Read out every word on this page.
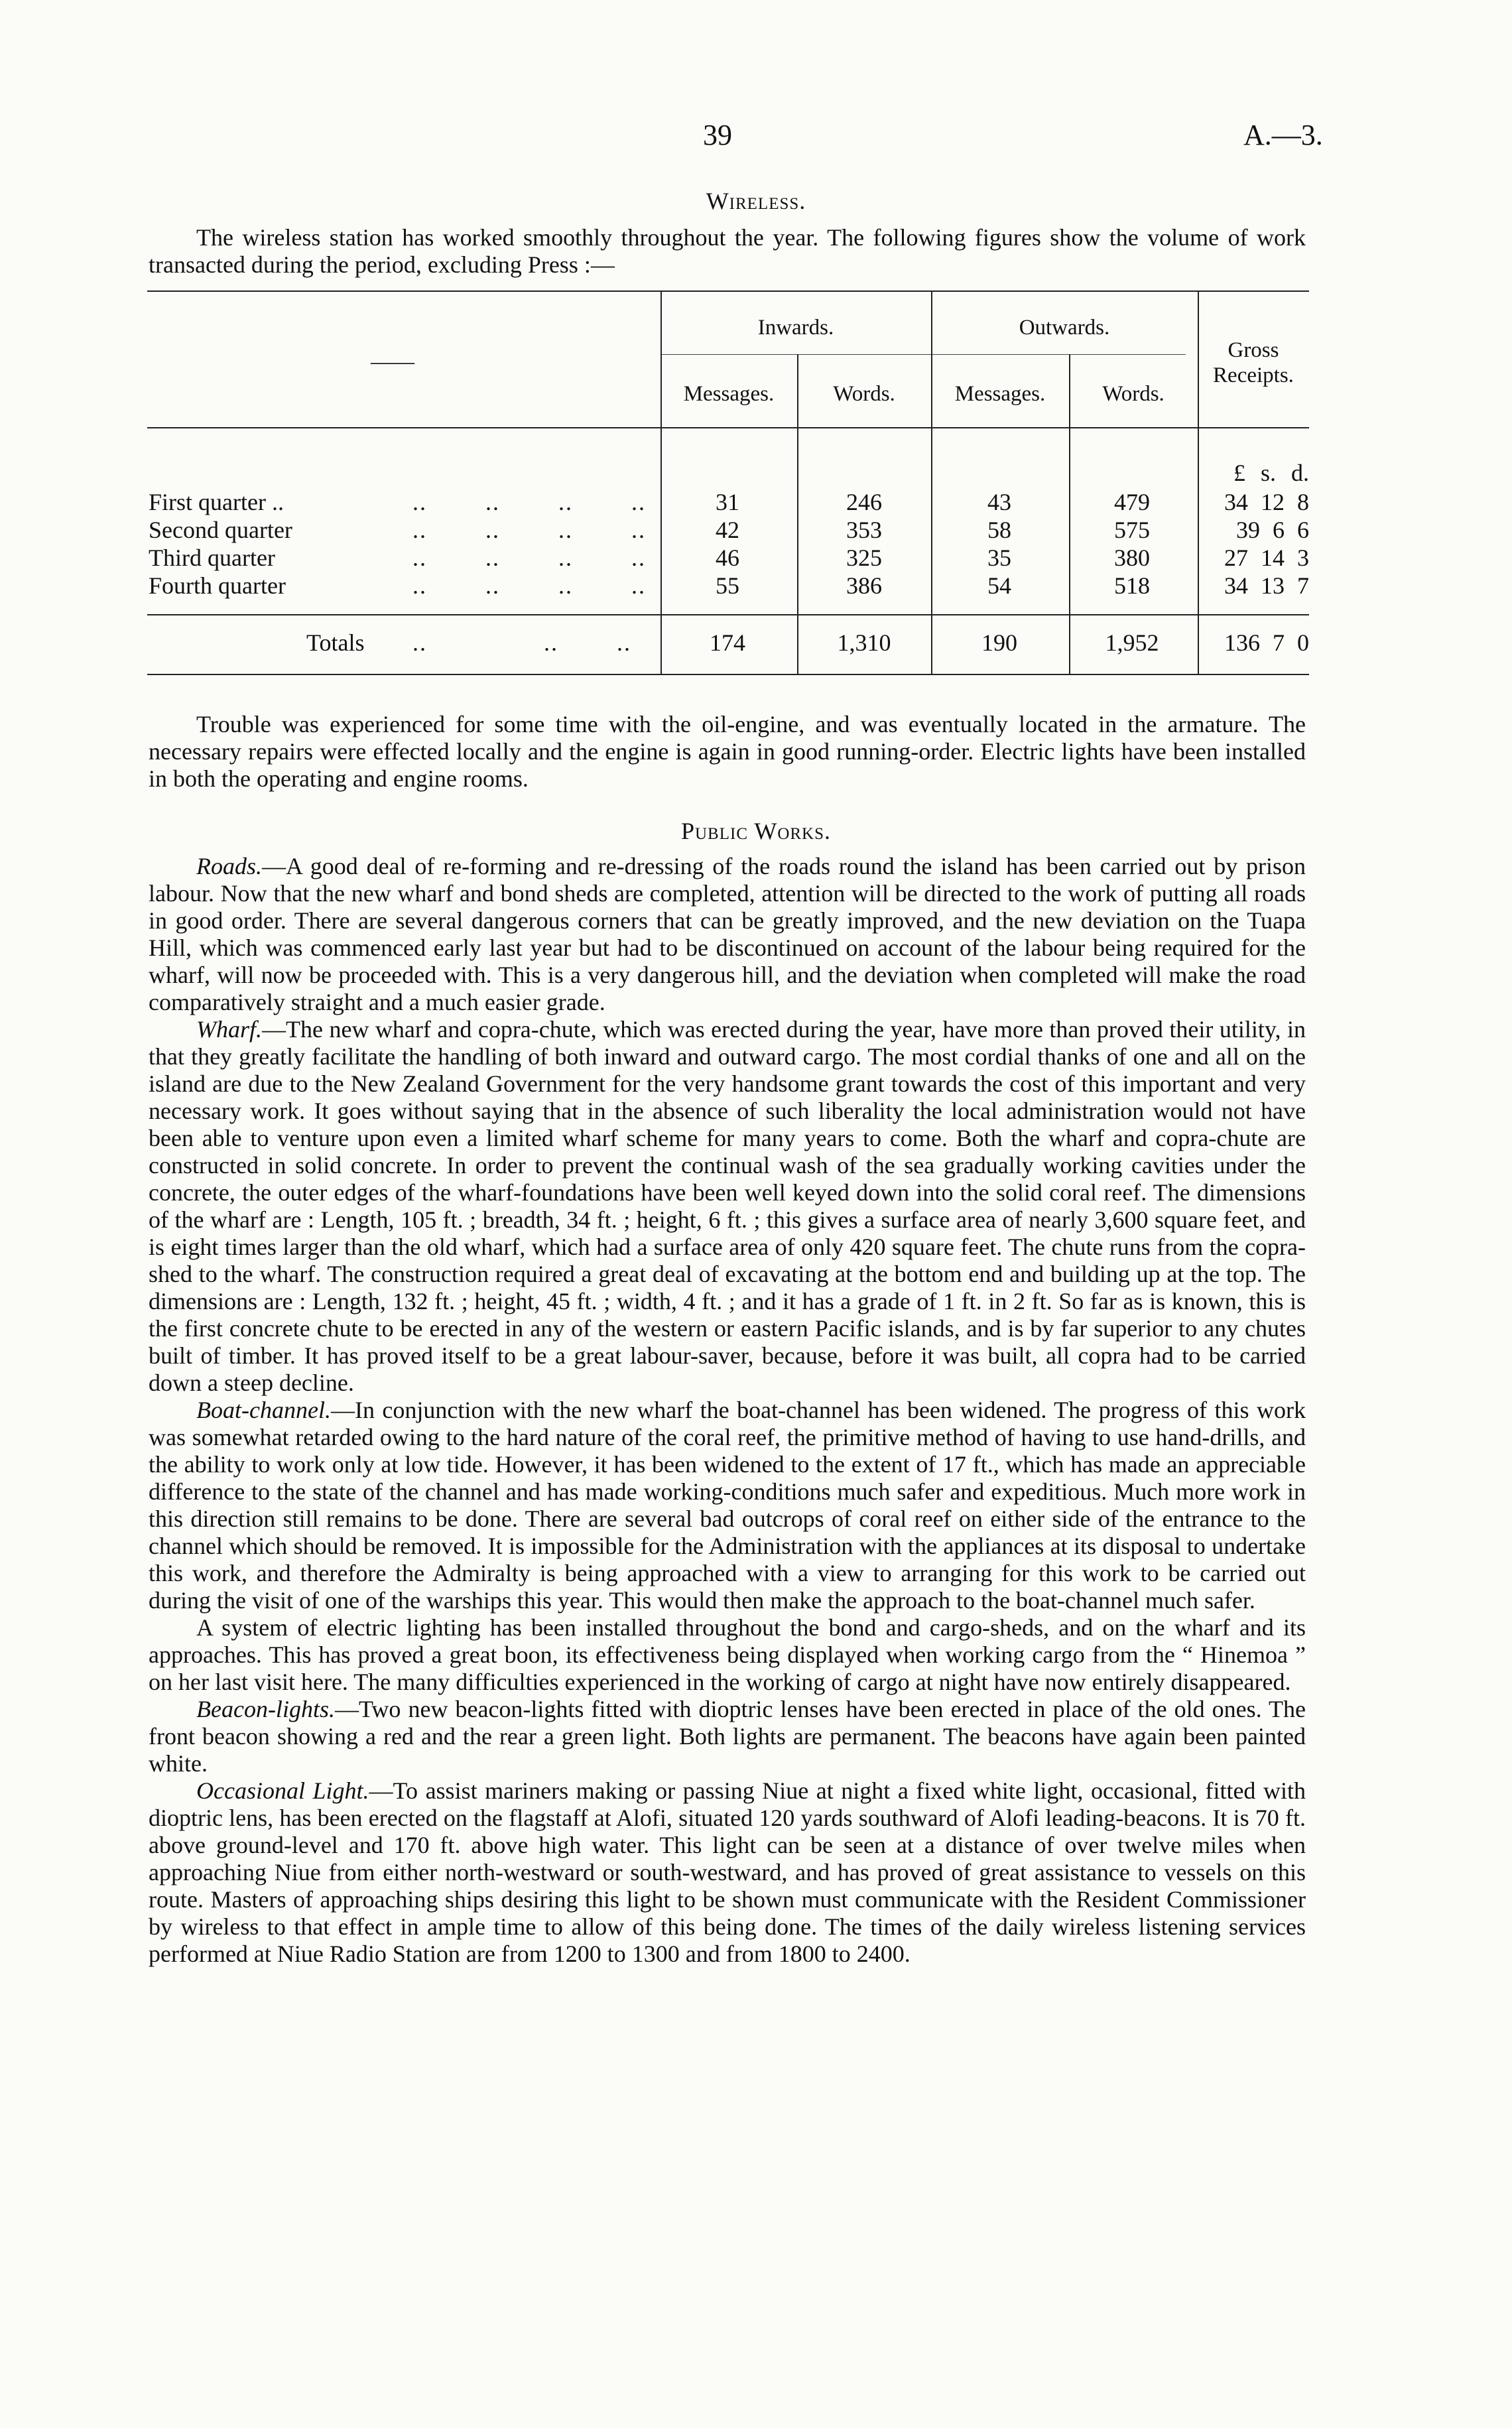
39	A.—3.
Wireless.

The wireless station has worked smoothly throughout the year. The following figures show the volume of work transacted during the period, excluding Press :—

——
Inwards.	Outwards.
Messages.	Words.	Messages.	Words.
Gross
Receipts.
£ s. d.
First quarter ..	..        ..        ..        ..	31	246	43	479	34 12 8
Second quarter	..        ..        ..        ..	42	353	58	575	39 6 6
Third quarter	..        ..        ..        ..	46	325	35	380	27 14 3
Fourth quarter	..        ..        ..        ..	55	386	54	518	34 13 7
Totals ..                ..        ..	174	1,310	190	1,952	136 7 0

Trouble was experienced for some time with the oil-engine, and was eventually located in the armature. The necessary repairs were effected locally and the engine is again in good running-order. Electric lights have been installed in both the operating and engine rooms.

Public Works.

Roads.—A good deal of re-forming and re-dressing of the roads round the island has been carried out by prison labour. Now that the new wharf and bond sheds are completed, attention will be directed to the work of putting all roads in good order. There are several dangerous corners that can be greatly improved, and the new deviation on the Tuapa Hill, which was commenced early last year but had to be discontinued on account of the labour being required for the wharf, will now be proceeded with. This is a very dangerous hill, and the deviation when completed will make the road comparatively straight and a much easier grade.

Wharf.—The new wharf and copra-chute, which was erected during the year, have more than proved their utility, in that they greatly facilitate the handling of both inward and outward cargo. The most cordial thanks of one and all on the island are due to the New Zealand Government for the very handsome grant towards the cost of this important and very necessary work. It goes without saying that in the absence of such liberality the local administration would not have been able to venture upon even a limited wharf scheme for many years to come. Both the wharf and copra-chute are constructed in solid concrete. In order to prevent the continual wash of the sea gradually working cavities under the concrete, the outer edges of the wharf-foundations have been well keyed down into the solid coral reef. The dimensions of the wharf are : Length, 105 ft. ; breadth, 34 ft. ; height, 6 ft. ; this gives a surface area of nearly 3,600 square feet, and is eight times larger than the old wharf, which had a surface area of only 420 square feet. The chute runs from the copra-shed to the wharf. The construction required a great deal of excavating at the bottom end and building up at the top. The dimensions are : Length, 132 ft. ; height, 45 ft. ; width, 4 ft. ; and it has a grade of 1 ft. in 2 ft. So far as is known, this is the first concrete chute to be erected in any of the western or eastern Pacific islands, and is by far superior to any chutes built of timber. It has proved itself to be a great labour-saver, because, before it was built, all copra had to be carried down a steep decline.

Boat-channel.—In conjunction with the new wharf the boat-channel has been widened. The progress of this work was somewhat retarded owing to the hard nature of the coral reef, the primitive method of having to use hand-drills, and the ability to work only at low tide. However, it has been widened to the extent of 17 ft., which has made an appreciable difference to the state of the channel and has made working-conditions much safer and expeditious. Much more work in this direction still remains to be done. There are several bad outcrops of coral reef on either side of the entrance to the channel which should be removed. It is impossible for the Administration with the appliances at its disposal to undertake this work, and therefore the Admiralty is being approached with a view to arranging for this work to be carried out during the visit of one of the warships this year. This would then make the approach to the boat-channel much safer.

A system of electric lighting has been installed throughout the bond and cargo-sheds, and on the wharf and its approaches. This has proved a great boon, its effectiveness being displayed when working cargo from the “ Hinemoa ” on her last visit here. The many difficulties experienced in the working of cargo at night have now entirely disappeared.

Beacon-lights.—Two new beacon-lights fitted with dioptric lenses have been erected in place of the old ones. The front beacon showing a red and the rear a green light. Both lights are permanent. The beacons have again been painted white.

Occasional Light.—To assist mariners making or passing Niue at night a fixed white light, occasional, fitted with dioptric lens, has been erected on the flagstaff at Alofi, situated 120 yards southward of Alofi leading-beacons. It is 70 ft. above ground-level and 170 ft. above high water. This light can be seen at a distance of over twelve miles when approaching Niue from either north-westward or south-westward, and has proved of great assistance to vessels on this route. Masters of approaching ships desiring this light to be shown must communicate with the Resident Commissioner by wireless to that effect in ample time to allow of this being done. The times of the daily wireless listening services performed at Niue Radio Station are from 1200 to 1300 and from 1800 to 2400.
